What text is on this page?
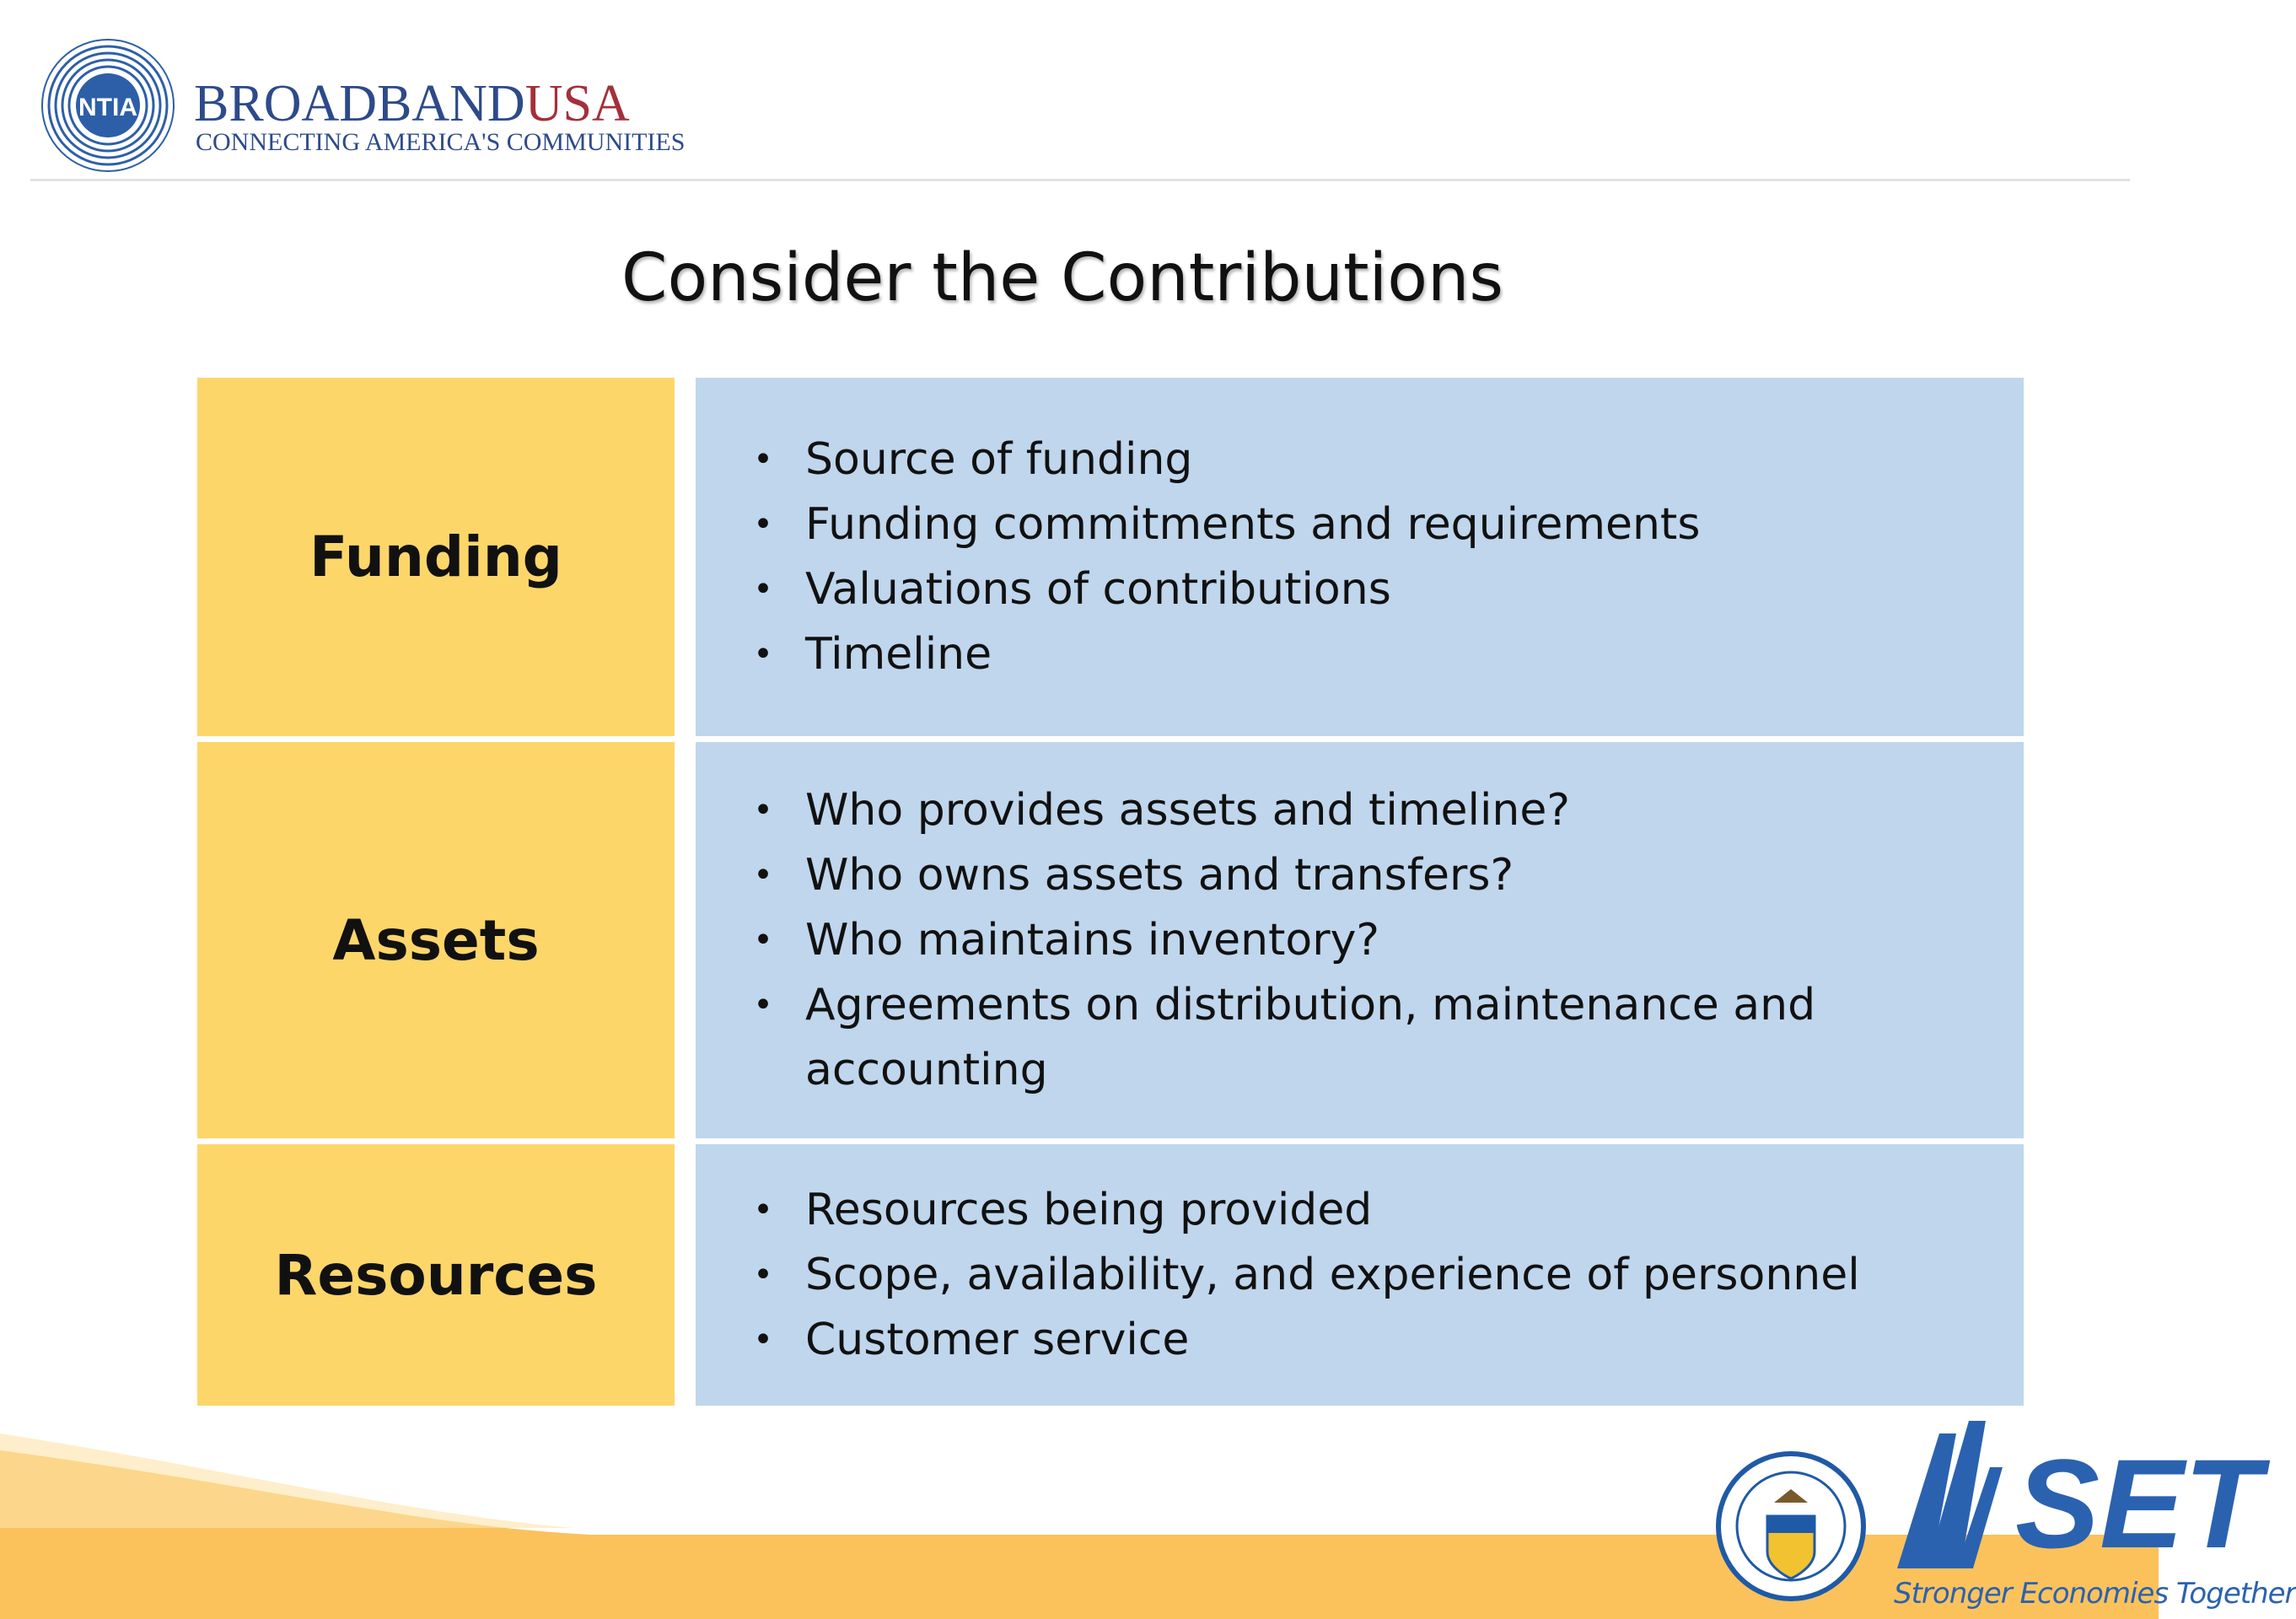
NTIA BROADBANDUSA
CONNECTING AMERICA'S COMMUNITIES
Consider the Contributions
Funding
• Source of funding
• Funding commitments and requirements
• Valuations of contributions
• Timeline
Assets
• Who provides assets and timeline?
• Who owns assets and transfers?
• Who maintains inventory?
• Agreements on distribution, maintenance and accounting
Resources
• Resources being provided
• Scope, availability, and experience of personnel
• Customer service
SET
Stronger Economies Together
